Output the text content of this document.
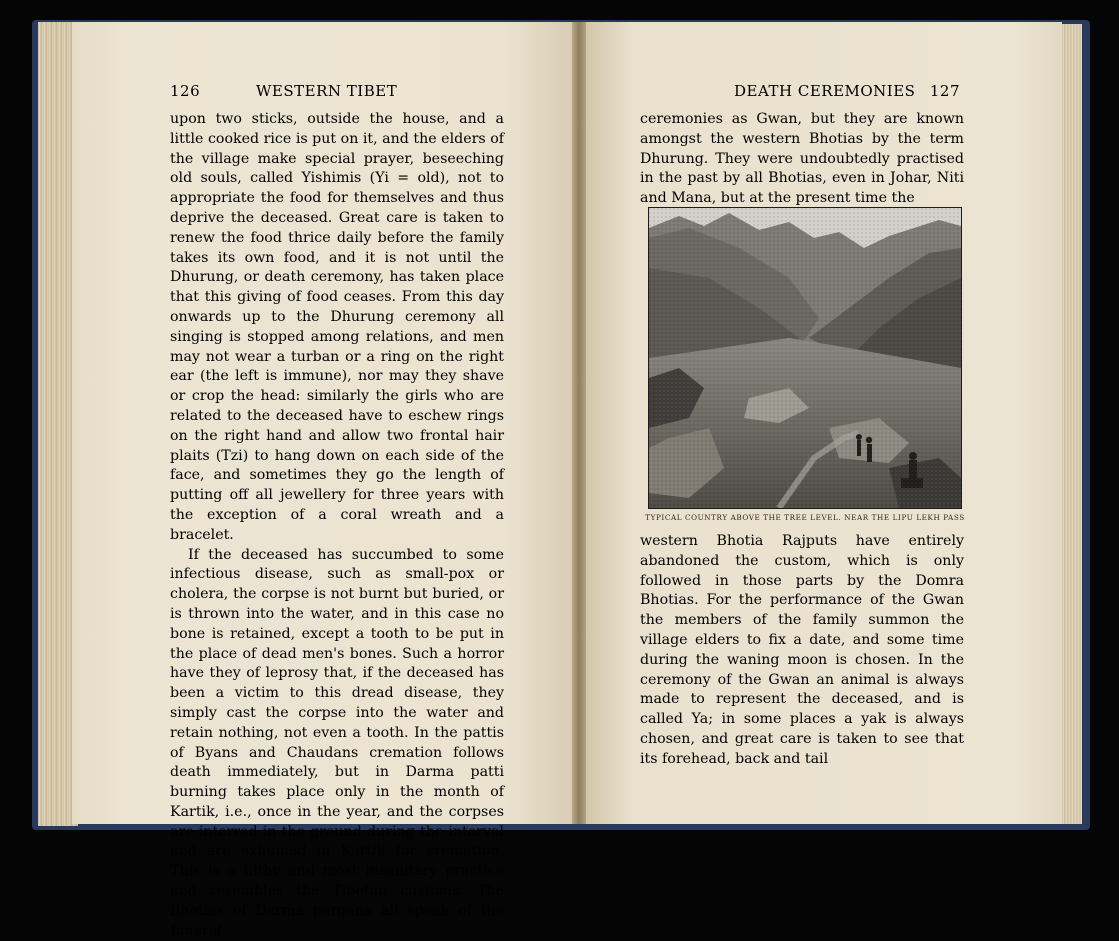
126	WESTERN TIBET

upon two sticks, outside the house, and a little cooked rice is put on it, and the elders of the village make special prayer, beseeching old souls, called Yishimis (Yi = old), not to appropriate the food for themselves and thus deprive the deceased. Great care is taken to renew the food thrice daily before the family takes its own food, and it is not until the Dhurung, or death ceremony, has taken place that this giving of food ceases. From this day onwards up to the Dhurung ceremony all singing is stopped among relations, and men may not wear a turban or a ring on the right ear (the left is immune), nor may they shave or crop the head: similarly the girls who are related to the deceased have to eschew rings on the right hand and allow two frontal hair plaits (Tzi) to hang down on each side of the face, and sometimes they go the length of putting off all jewellery for three years with the exception of a coral wreath and a bracelet.

If the deceased has succumbed to some infectious disease, such as small-pox or cholera, the corpse is not burnt but buried, or is thrown into the water, and in this case no bone is retained, except a tooth to be put in the place of dead men's bones. Such a horror have they of leprosy that, if the deceased has been a victim to this dread disease, they simply cast the corpse into the water and retain nothing, not even a tooth. In the pattis of Byans and Chaudans cremation follows death immediately, but in Darma patti burning takes place only in the month of Kartik, i.e., once in the year, and the corpses are interred in the ground during the interval and are exhumed in Kartik for cremation. This is a filthy and most insanitary practice and resembles the Tibetan customs. The Bhotias of Darma pargana all speak of the funeral

DEATH CEREMONIES 127

ceremonies as Gwan, but they are known amongst the western Bhotias by the term Dhurung. They were undoubtedly practised in the past by all Bhotias, even in Johar, Niti and Mana, but at the present time the

TYPICAL COUNTRY ABOVE THE TREE LEVEL. NEAR THE LIPU LEKH PASS

western Bhotia Rajputs have entirely abandoned the custom, which is only followed in those parts by the Domra Bhotias. For the performance of the Gwan the members of the family summon the village elders to fix a date, and some time during the waning moon is chosen. In the ceremony of the Gwan an animal is always made to represent the deceased, and is called Ya; in some places a yak is always chosen, and great care is taken to see that its forehead, back and tail
